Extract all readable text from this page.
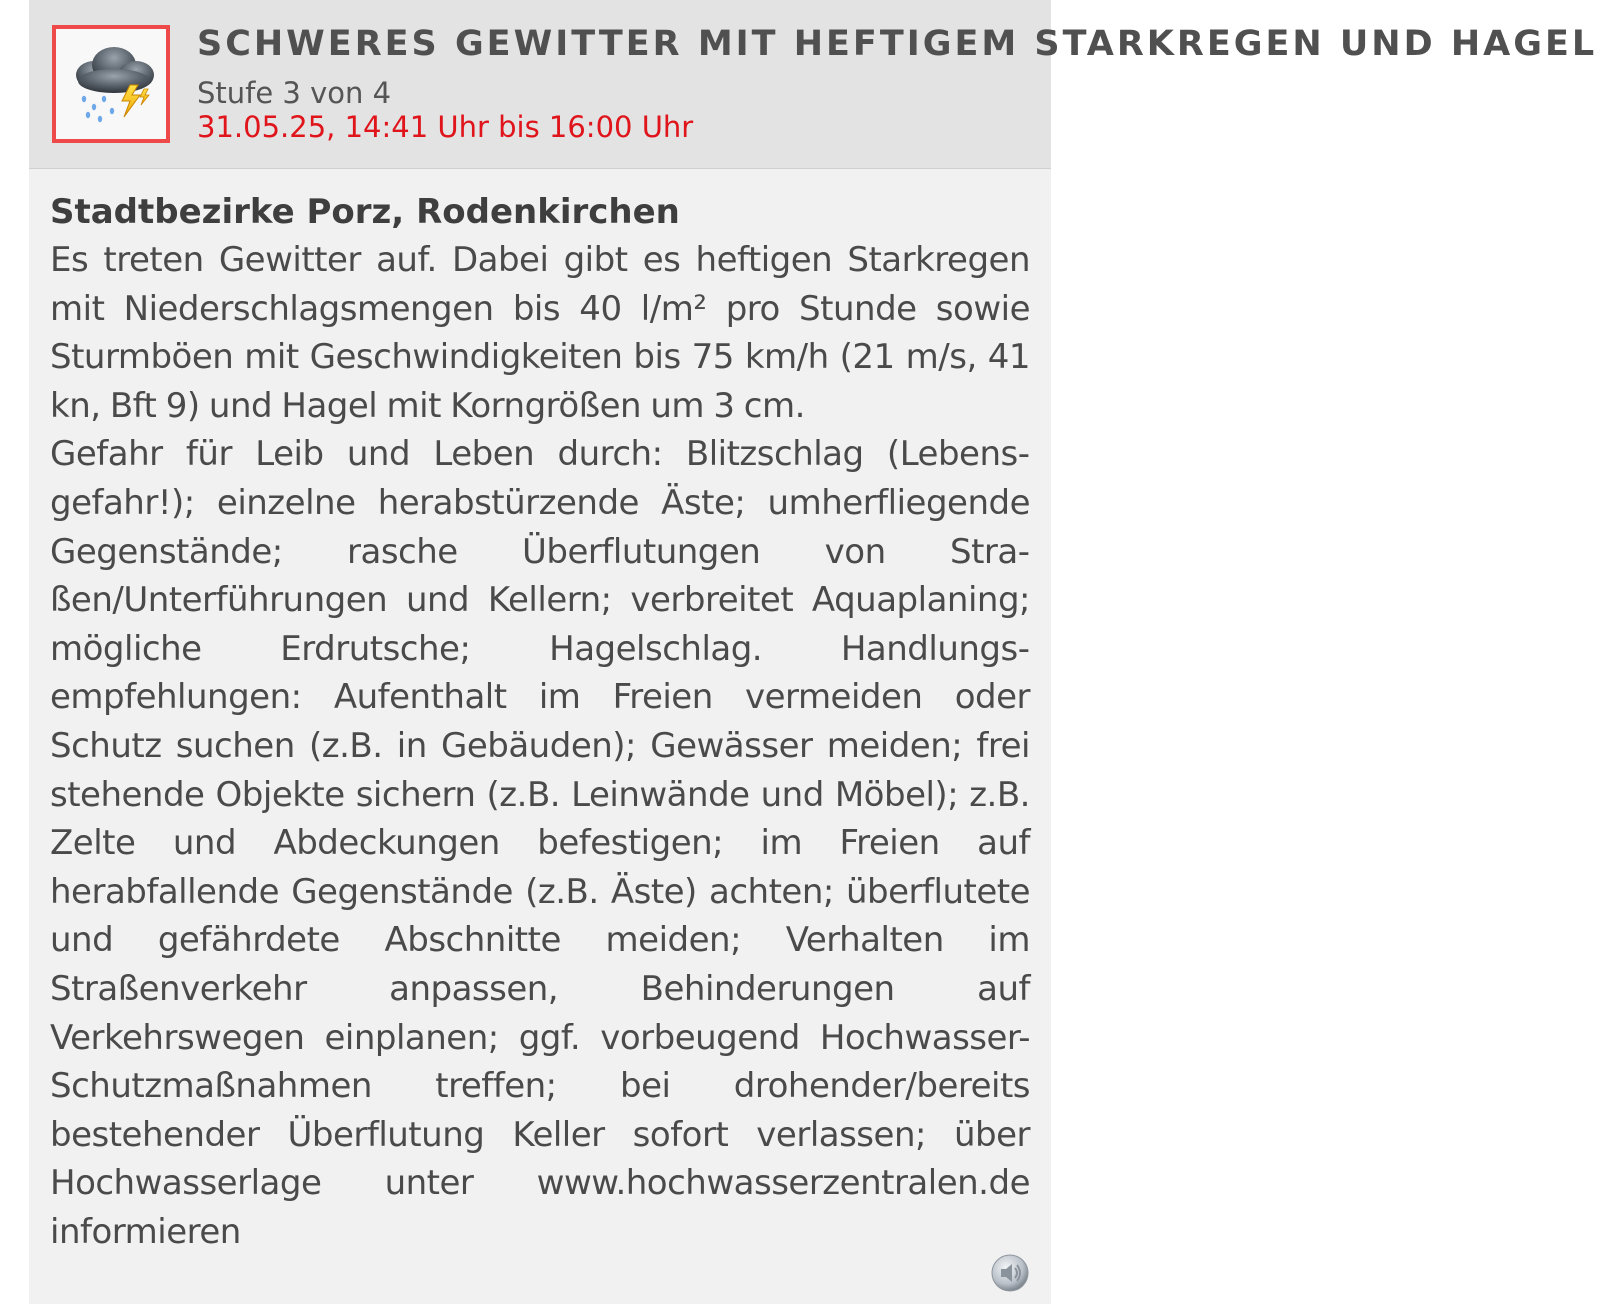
SCHWERES GEWITTER MIT HEFTIGEM STARKREGEN UND HAGEL
Stufe 3 von 4
31.05.25, 14:41 Uhr bis 16:00 Uhr
Stadtbezirke Porz, Rodenkirchen
Es treten Gewitter auf. Dabei gibt es heftigen Starkregen mit Niederschlagsmengen bis 40 l/m² pro Stunde sowie Sturmböen mit Geschwindigkeiten bis 75 km/h (21 m/s, 41 kn, Bft 9) und Hagel mit Korngrößen um 3 cm.
Gefahr für Leib und Leben durch: Blitzschlag (Lebensgefahr!); einzelne herabstürzende Äste; umherfliegende Gegenstände; rasche Überflutungen von Straßen/Unterführungen und Kellern; verbreitet Aquaplaning; mögliche Erdrutsche; Hagelschlag. Handlungsempfehlungen: Aufenthalt im Freien vermeiden oder Schutz suchen (z.B. in Gebäuden); Gewässer meiden; frei stehende Objekte sichern (z.B. Leinwände und Möbel); z.B. Zelte und Abdeckungen befestigen; im Freien auf herabfallende Gegenstände (z.B. Äste) achten; überflutete und gefährdete Abschnitte meiden; Verhalten im Straßenverkehr anpassen, Behinderungen auf Verkehrswegen einplanen; ggf. vorbeugend Hochwasser-Schutzmaßnahmen treffen; bei drohender/bereits bestehender Überflutung Keller sofort verlassen; über Hochwasserlage unter www.hochwasserzentralen.de informieren
